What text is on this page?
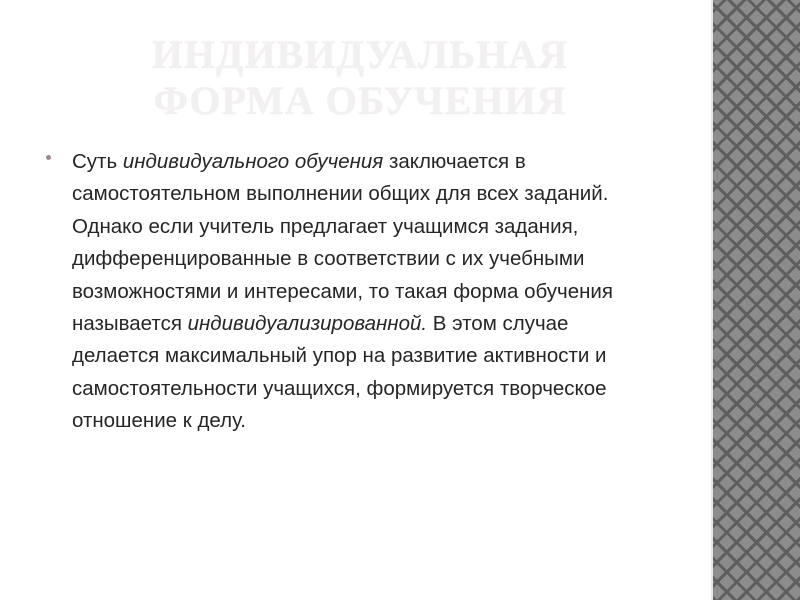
ИНДИВИДУАЛЬНАЯ
ФОРМА ОБУЧЕНИЯ

Суть индивидуального обучения заключается в самостоятельном выполнении общих для всех заданий. Однако если учитель предлагает учащимся задания, дифференцированные в соответствии с их учебными возможностями и интересами, то такая форма обучения называется индивидуализированной. В этом случае делается максимальный упор на развитие активности и самостоятельности учащихся, формируется творческое отношение к делу.
